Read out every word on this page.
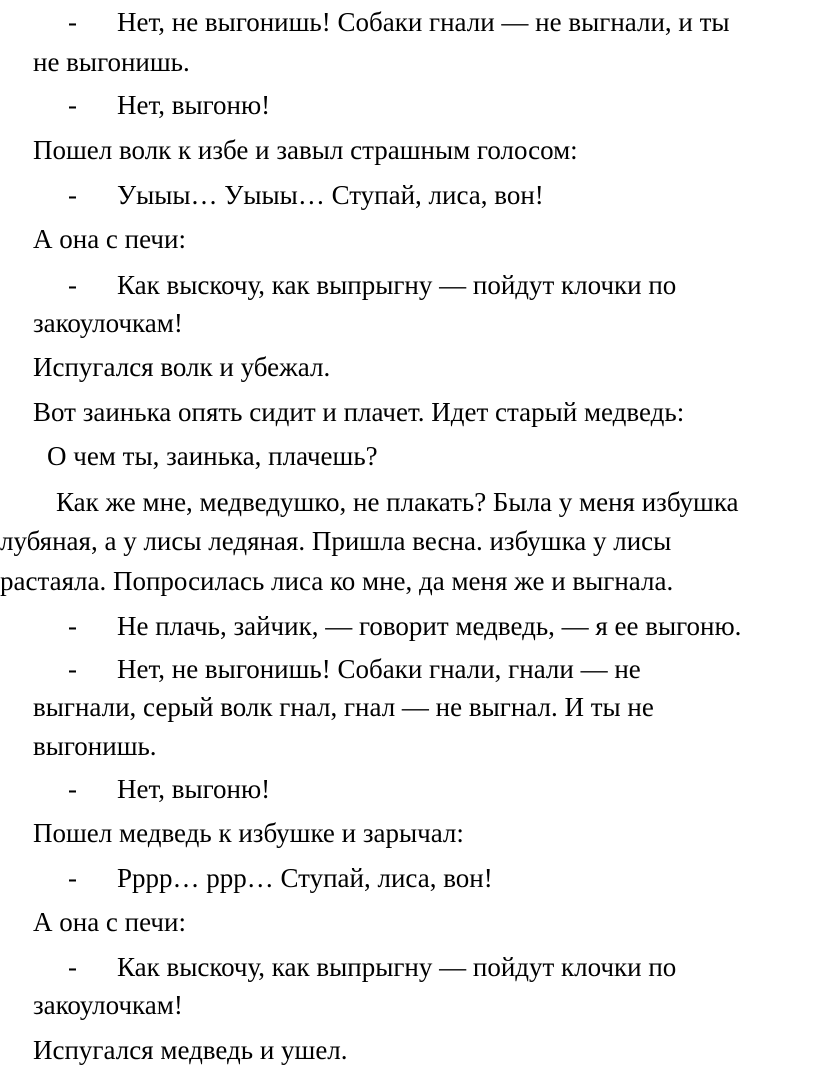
- Нет, не выгонишь! Собаки гнали — не выгнали, и ты

не выгонишь.

- Нет, выгоню!

Пошел волк к избе и завыл страшным голосом:

- Уыыы… Уыыы… Ступай, лиса, вон!

А она с печи:

- Как выскочу, как выпрыгну — пойдут клочки по

закоулочкам!

Испугался волк и убежал.

Вот заинька опять сидит и плачет. Идет старый медведь:

О чем ты, заинька, плачешь?

Как же мне, медведушко, не плакать? Была у меня избушка

лубяная, а у лисы ледяная. Пришла весна. избушка у лисы

растаяла. Попросилась лиса ко мне, да меня же и выгнала.

- Не плачь, зайчик, — говорит медведь, — я ее выгоню.

- Нет, не выгонишь! Собаки гнали, гнали — не

выгнали, серый волк гнал, гнал — не выгнал. И ты не

выгонишь.

- Нет, выгоню!

Пошел медведь к избушке и зарычал:

- Рррр… ррр… Ступай, лиса, вон!

А она с печи:

- Как выскочу, как выпрыгну — пойдут клочки по

закоулочкам!

Испугался медведь и ушел.
